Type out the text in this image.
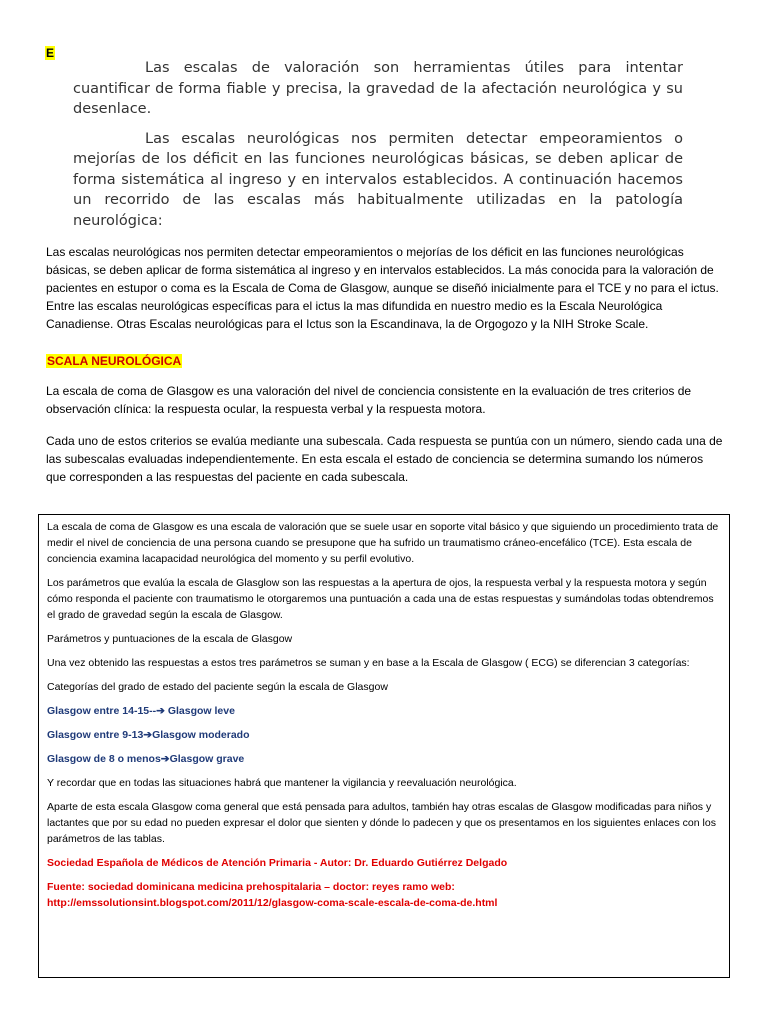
E

Las escalas de valoración son herramientas útiles para intentar cuantificar de forma fiable y precisa, la gravedad de la afectación neurológica y su desenlace.

Las escalas neurológicas nos permiten detectar empeoramientos o mejorías de los déficit en las funciones neurológicas básicas, se deben aplicar de forma sistemática al ingreso y en intervalos establecidos. A continuación hacemos un recorrido de las escalas más habitualmente utilizadas en la patología neurológica:

Las escalas neurológicas nos permiten detectar empeoramientos o mejorías de los déficit en las funciones neurológicas básicas, se deben aplicar de forma sistemática al ingreso y en intervalos establecidos. La más conocida para la valoración de pacientes en estupor o coma es la Escala de Coma de Glasgow, aunque se diseñó inicialmente para el TCE y no para el ictus. Entre las escalas neurológicas específicas para el ictus la mas difundida en nuestro medio es la Escala Neurológica Canadiense. Otras Escalas neurológicas para el Ictus son la Escandinava, la de Orgogozo y la NIH Stroke Scale.

SCALA NEUROLÓGICA

La escala de coma de Glasgow es una valoración del nivel de conciencia consistente en la evaluación de tres criterios de observación clínica: la respuesta ocular, la respuesta verbal y la respuesta motora.

Cada uno de estos criterios se evalúa mediante una subescala. Cada respuesta se puntúa con un número, siendo cada una de las subescalas evaluadas independientemente. En esta escala el estado de conciencia se determina sumando los números que corresponden a las respuestas del paciente en cada subescala.

La escala de coma de Glasgow es una escala de valoración que se suele usar en soporte vital básico y que siguiendo un procedimiento trata de medir el nivel de conciencia de una persona cuando se presupone que ha sufrido un traumatismo cráneo-encefálico (TCE). Esta escala de conciencia examina lacapacidad neurológica del momento y su perfil evolutivo.

Los parámetros que evalúa la escala de Glasglow son las respuestas a la apertura de ojos, la respuesta verbal y la respuesta motora y según cómo responda el paciente con traumatismo le otorgaremos una puntuación a cada una de estas respuestas y sumándolas todas obtendremos el grado de gravedad según la escala de Glasgow.

Parámetros y puntuaciones de la escala de Glasgow

Una vez obtenido las respuestas a estos tres parámetros se suman y en base a la Escala de Glasgow ( ECG) se diferencian 3 categorías:

Categorías del grado de estado del paciente según la escala de Glasgow

Glasgow entre 14-15--➔ Glasgow leve

Glasgow entre 9-13➔Glasgow moderado

Glasgow de 8 o menos➔Glasgow grave

Y recordar que en todas las situaciones habrá que mantener la vigilancia y reevaluación neurológica.

Aparte de esta escala Glasgow coma general que está pensada para adultos, también hay otras escalas de Glasgow modificadas para niños y lactantes que por su edad no pueden expresar el dolor que sienten y dónde lo padecen y que os presentamos en los siguientes enlaces con los parámetros de las tablas.

Sociedad Española de Médicos de Atención Primaria - Autor: Dr. Eduardo Gutiérrez Delgado

Fuente: sociedad dominicana medicina prehospitalaria – doctor: reyes ramo web: http://emssolutionsint.blogspot.com/2011/12/glasgow-coma-scale-escala-de-coma-de.html
